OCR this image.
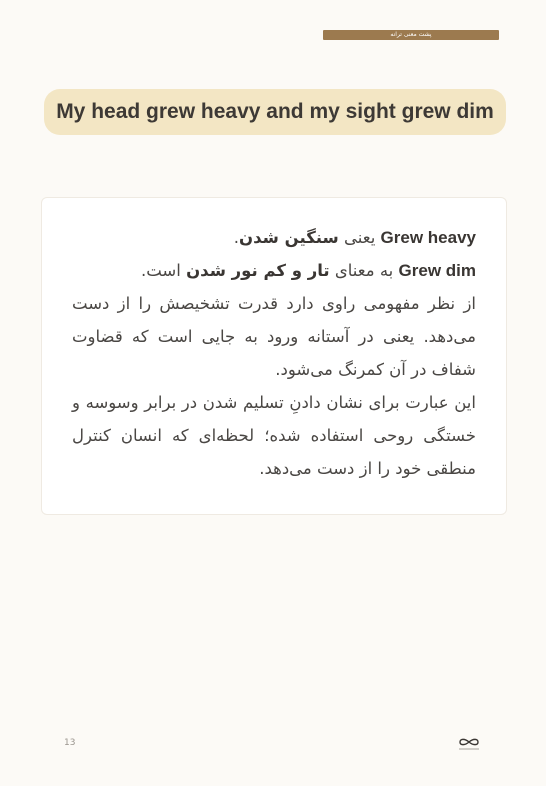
پشت معنی ترانه
My head grew heavy and my sight grew dim

Grew heavy یعنی سنگین شدن.

Grew dim به معنای تار و کم نور شدن است.

از نظر مفهومی راوی دارد قدرت تشخیصش را از دست می‌دهد. یعنی در آستانه ورود به جایی است که قضاوت شفاف در آن کمرنگ می‌شود.

این عبارت برای نشان دادنِ تسلیم شدن در برابر وسوسه و خستگی روحی استفاده شده؛ لحظه‌ای که انسان کنترل منطقی خود را از دست می‌دهد.

13
